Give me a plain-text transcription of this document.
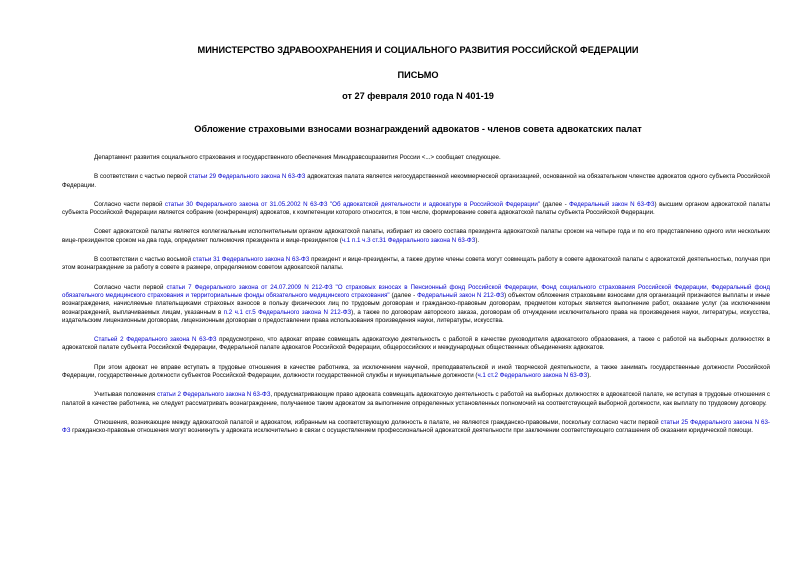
МИНИСТЕРСТВО ЗДРАВООХРАНЕНИЯ И СОЦИАЛЬНОГО РАЗВИТИЯ РОССИЙСКОЙ ФЕДЕРАЦИИ
ПИСЬМО
от 27 февраля 2010 года N 401-19
Обложение страховыми взносами вознаграждений адвокатов - членов совета адвокатских палат

Департамент развития социального страхования и государственного обеспечения Минздравсоцразвития России <...> сообщает следующее.

В соответствии с частью первой статьи 29 Федерального закона N 63-ФЗ адвокатская палата является негосударственной некоммерческой организацией, основанной на обязательном членстве адвокатов одного субъекта Российской Федерации.

Согласно части первой статьи 30 Федерального закона от 31.05.2002 N 63-ФЗ "Об адвокатской деятельности и адвокатуре в Российской Федерации" (далее - Федеральный закон N 63-ФЗ) высшим органом адвокатской палаты субъекта Российской Федерации является собрание (конференция) адвокатов, к компетенции которого относится, в том числе, формирование совета адвокатской палаты субъекта Российской Федерации.

Совет адвокатской палаты является коллегиальным исполнительным органом адвокатской палаты, избирает из своего состава президента адвокатской палаты сроком на четыре года и по его представлению одного или нескольких вице-президентов сроком на два года, определяет полномочия президента и вице-президентов (ч.1 п.1 ч.3 ст.31 Федерального закона N 63-ФЗ).

В соответствии с частью восьмой статьи 31 Федерального закона N 63-ФЗ президент и вице-президенты, а также другие члены совета могут совмещать работу в совете адвокатской палаты с адвокатской деятельностью, получая при этом вознаграждение за работу в совете в размере, определяемом советом адвокатской палаты.

Согласно части первой статьи 7 Федерального закона от 24.07.2009 N 212-ФЗ "О страховых взносах в Пенсионный фонд Российской Федерации, Фонд социального страхования Российской Федерации, Федеральный фонд обязательного медицинского страхования и территориальные фонды обязательного медицинского страхования" (далее - Федеральный закон N 212-ФЗ) объектом обложения страховыми взносами для организаций признаются выплаты и иные вознаграждения, начисляемые плательщиками страховых взносов в пользу физических лиц по трудовым договорам и гражданско-правовым договорам, предметом которых является выполнение работ, оказание услуг (за исключением вознаграждений, выплачиваемых лицам, указанным в п.2 ч.1 ст.5 Федерального закона N 212-ФЗ), а также по договорам авторского заказа, договорам об отчуждении исключительного права на произведения науки, литературы, искусства, издательским лицензионным договорам, лицензионным договорам о предоставлении права использования произведения науки, литературы, искусства.

Статьей 2 Федерального закона N 63-ФЗ предусмотрено, что адвокат вправе совмещать адвокатскую деятельность с работой в качестве руководителя адвокатского образования, а также с работой на выборных должностях в адвокатской палате субъекта Российской Федерации, Федеральной палате адвокатов Российской Федерации, общероссийских и международных общественных объединениях адвокатов.

При этом адвокат не вправе вступать в трудовые отношения в качестве работника, за исключением научной, преподавательской и иной творческой деятельности, а также занимать государственные должности Российской Федерации, государственные должности субъектов Российской Федерации, должности государственной службы и муниципальные должности (ч.1 ст.2 Федерального закона N 63-ФЗ).

Учитывая положения статьи 2 Федерального закона N 63-ФЗ, предусматривающие право адвоката совмещать адвокатскую деятельность с работой на выборных должностях в адвокатской палате, не вступая в трудовые отношения с палатой в качестве работника, не следует рассматривать вознаграждение, получаемое таким адвокатом за выполнение определенных установленных полномочий на соответствующей выборной должности, как выплату по трудовому договору.

Отношения, возникающие между адвокатской палатой и адвокатом, избранным на соответствующую должность в палате, не являются гражданско-правовыми, поскольку согласно части первой статьи 25 Федерального закона N 63-ФЗ гражданско-правовые отношения могут возникнуть у адвоката исключительно в связи с осуществлением профессиональной адвокатской деятельности при заключении соответствующего соглашения об оказании юридической помощи.
